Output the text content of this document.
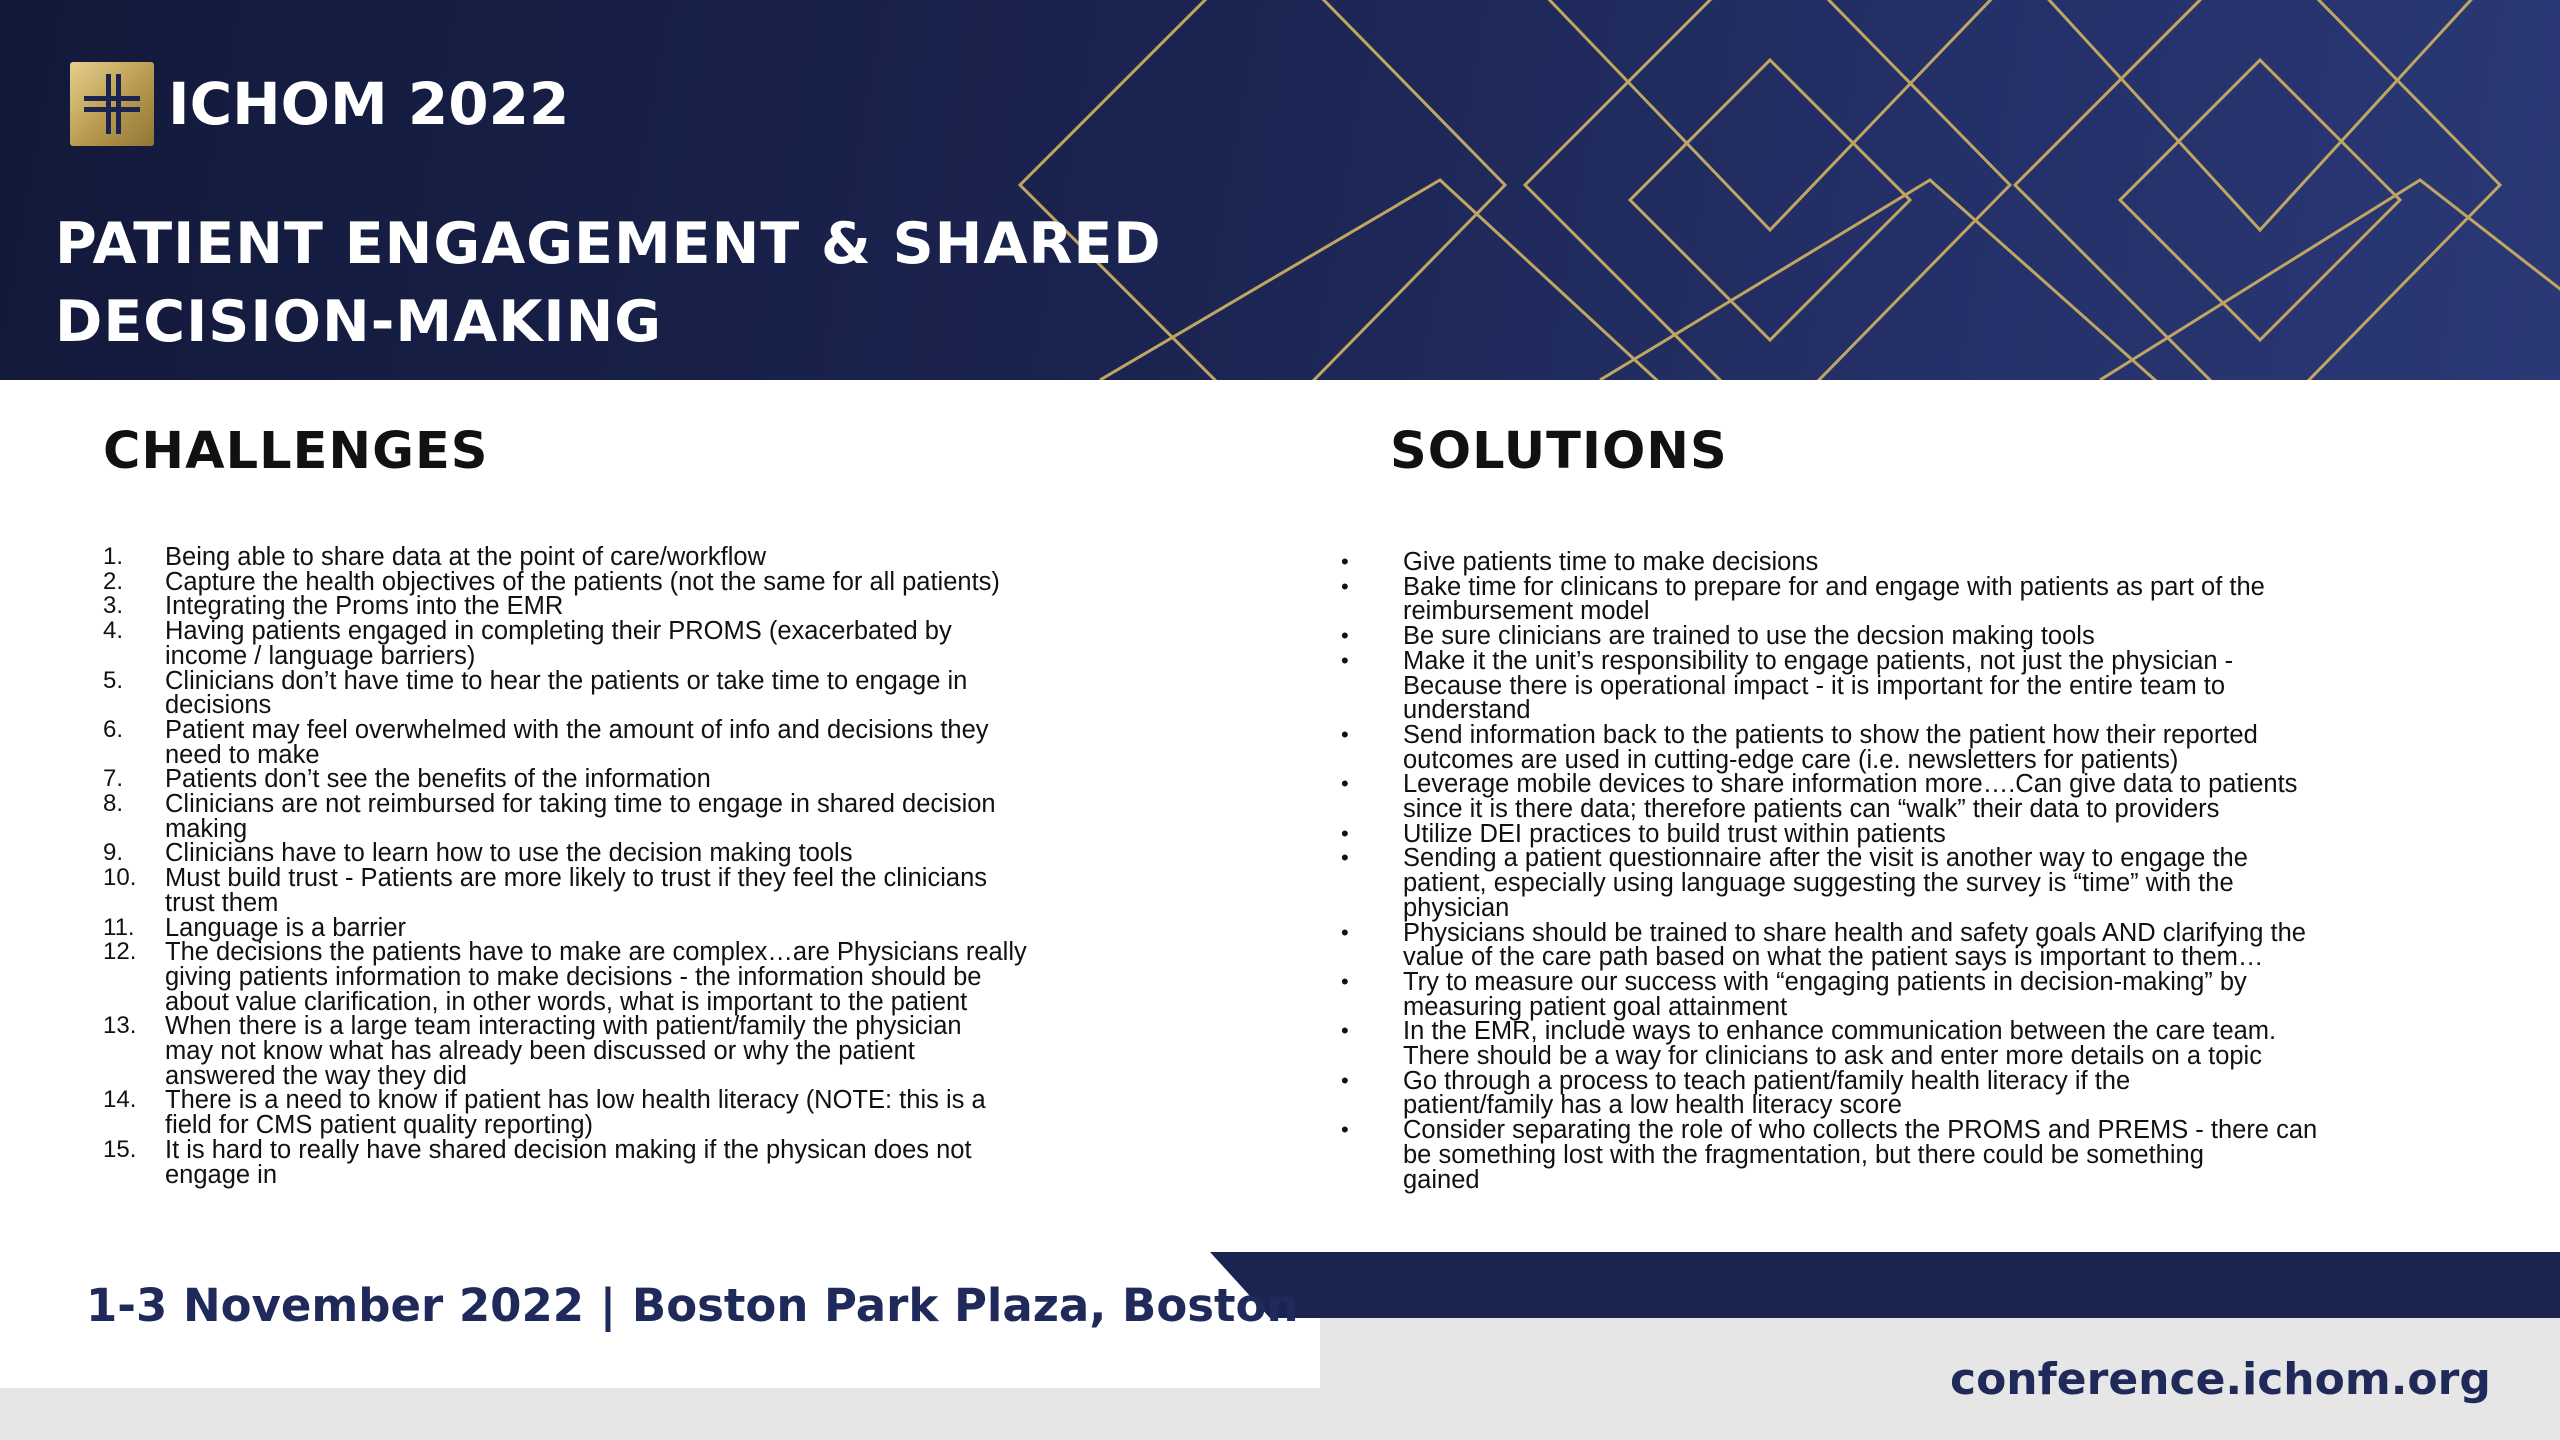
ICHOM 2022
PATIENT ENGAGEMENT & SHARED
DECISION-MAKING
CHALLENGES	SOLUTIONS
1.	Being able to share data at the point of care/workflow
2.	Capture the health objectives of the patients (not the same for all patients)
3.	Integrating the Proms into the EMR
4.	Having patients engaged in completing their PROMS (exacerbated by
income / language barriers)
5.	Clinicians don’t have time to hear the patients or take time to engage in
decisions
6.	Patient may feel overwhelmed with the amount of info and decisions they
need to make
7.	Patients don’t see the benefits of the information
8.	Clinicians are not reimbursed for taking time to engage in shared decision
making
9.	Clinicians have to learn how to use the decision making tools
10.	Must build trust - Patients are more likely to trust if they feel the clinicians
trust them
11.	Language is a barrier
12.	The decisions the patients have to make are complex…are Physicians really
giving patients information to make decisions - the information should be
about value clarification, in other words, what is important to the patient
13.	When there is a large team interacting with patient/family the physician
may not know what has already been discussed or why the patient
answered the way they did
14.	There is a need to know if patient has low health literacy (NOTE: this is a
field for CMS patient quality reporting)
15.	It is hard to really have shared decision making if the physican does not
engage in
•	Give patients time to make decisions
•	Bake time for clinicans to prepare for and engage with patients as part of the
reimbursement model
•	Be sure clinicians are trained to use the decsion making tools
•	Make it the unit’s responsibility to engage patients, not just the physician -
Because there is operational impact - it is important for the entire team to
understand
•	Send information back to the patients to show the patient how their reported
outcomes are used in cutting-edge care (i.e. newsletters for patients)
•	Leverage mobile devices to share information more….Can give data to patients
since it is there data; therefore patients can “walk” their data to providers
•	Utilize DEI practices to build trust within patients
•	Sending a patient questionnaire after the visit is another way to engage the
patient, especially using language suggesting the survey is “time” with the
physician
•	Physicians should be trained to share health and safety goals AND clarifying the
value of the care path based on what the patient says is important to them…
•	Try to measure our success with “engaging patients in decision-making” by
measuring patient goal attainment
•	In the EMR, include ways to enhance communication between the care team.
There should be a way for clinicians to ask and enter more details on a topic
•	Go through a process to teach patient/family health literacy if the
patient/family has a low health literacy score
•	Consider separating the role of who collects the PROMS and PREMS - there can
be something lost with the fragmentation, but there could be something
gained
1-3 November 2022 | Boston Park Plaza, Boston
conference.ichom.org
